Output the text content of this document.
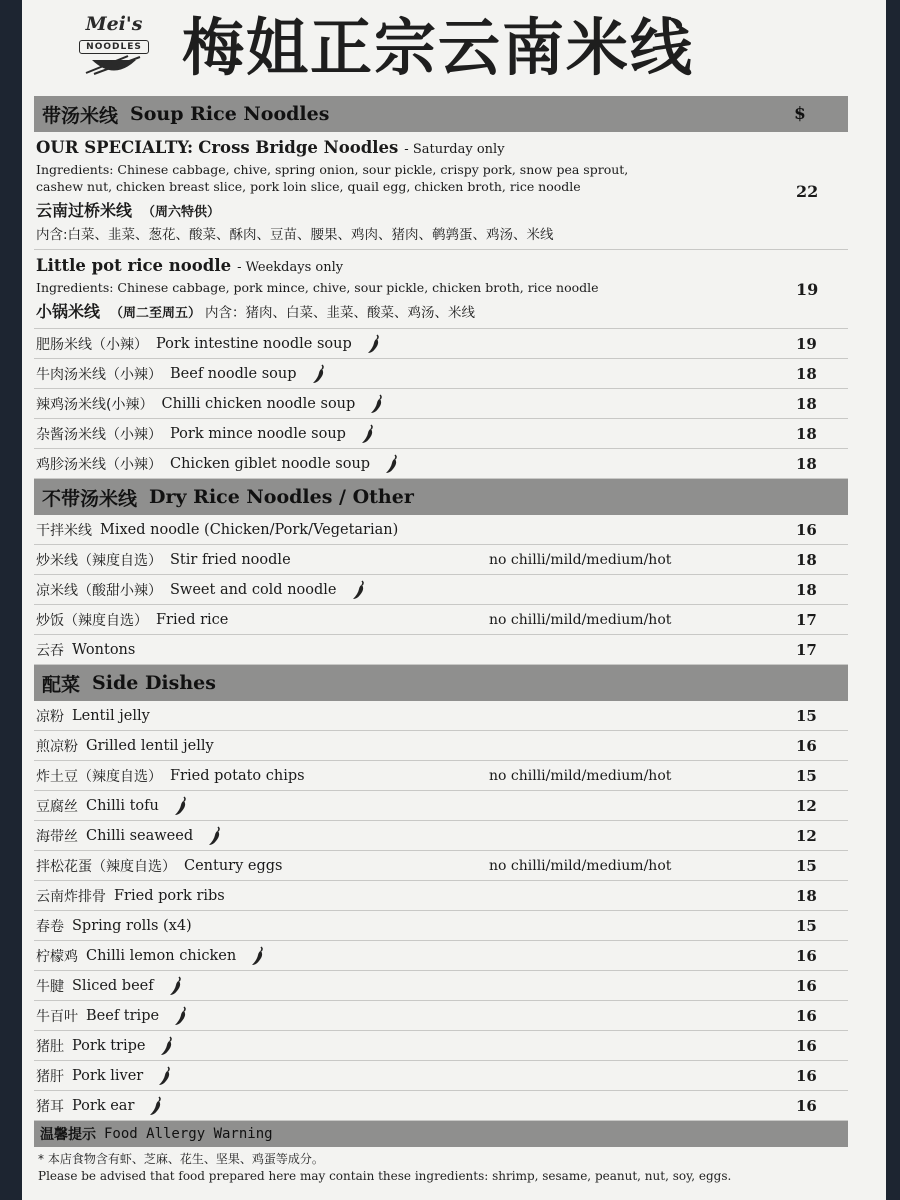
Mei's
NOODLES 梅姐正宗云南米线
带汤米线 Soup Rice Noodles	$
OUR SPECIALTY: Cross Bridge Noodles - Saturday only
Ingredients: Chinese cabbage, chive, spring onion, sour pickle, crispy pork, snow pea sprout, cashew nut, chicken breast slice, pork loin slice, quail egg, chicken broth, rice noodle
云南过桥米线 （周六特供）
内含:白菜、韭菜、葱花、酸菜、酥肉、豆苗、腰果、鸡肉、猪肉、鹌鹑蛋、鸡汤、米线
22
Little pot rice noodle - Weekdays only
Ingredients: Chinese cabbage, pork mince, chive, sour pickle, chicken broth, rice noodle
小锅米线 （周二至周五） 内含：猪肉、白菜、韭菜、酸菜、鸡汤、米线
19
肥肠米线（小辣） Pork intestine noodle soup	19
牛肉汤米线（小辣） Beef noodle soup	18
辣鸡汤米线(小辣） Chilli chicken noodle soup	18
杂酱汤米线（小辣） Pork mince noodle soup	18
鸡胗汤米线（小辣） Chicken giblet noodle soup	18
不带汤米线 Dry Rice Noodles / Other
干拌米线 Mixed noodle (Chicken/Pork/Vegetarian)	16
炒米线（辣度自选） Stir fried noodle	no chilli/mild/medium/hot	18
凉米线（酸甜小辣） Sweet and cold noodle	18
炒饭（辣度自选） Fried rice	no chilli/mild/medium/hot	17
云吞 Wontons	17
配菜 Side Dishes
凉粉 Lentil jelly	15
煎凉粉 Grilled lentil jelly	16
炸土豆（辣度自选） Fried potato chips	no chilli/mild/medium/hot	15
豆腐丝 Chilli tofu	12
海带丝 Chilli seaweed	12
拌松花蛋（辣度自选） Century eggs	no chilli/mild/medium/hot	15
云南炸排骨 Fried pork ribs	18
春卷 Spring rolls (x4)	15
柠檬鸡 Chilli lemon chicken	16
牛腱 Sliced beef	16
牛百叶 Beef tripe	16
猪肚 Pork tripe	16
猪肝 Pork liver	16
猪耳 Pork ear	16
温馨提示 Food Allergy Warning
* 本店食物含有虾、芝麻、花生、坚果、鸡蛋等成分。
Please be advised that food prepared here may contain these ingredients: shrimp, sesame, peanut, nut, soy, eggs.
